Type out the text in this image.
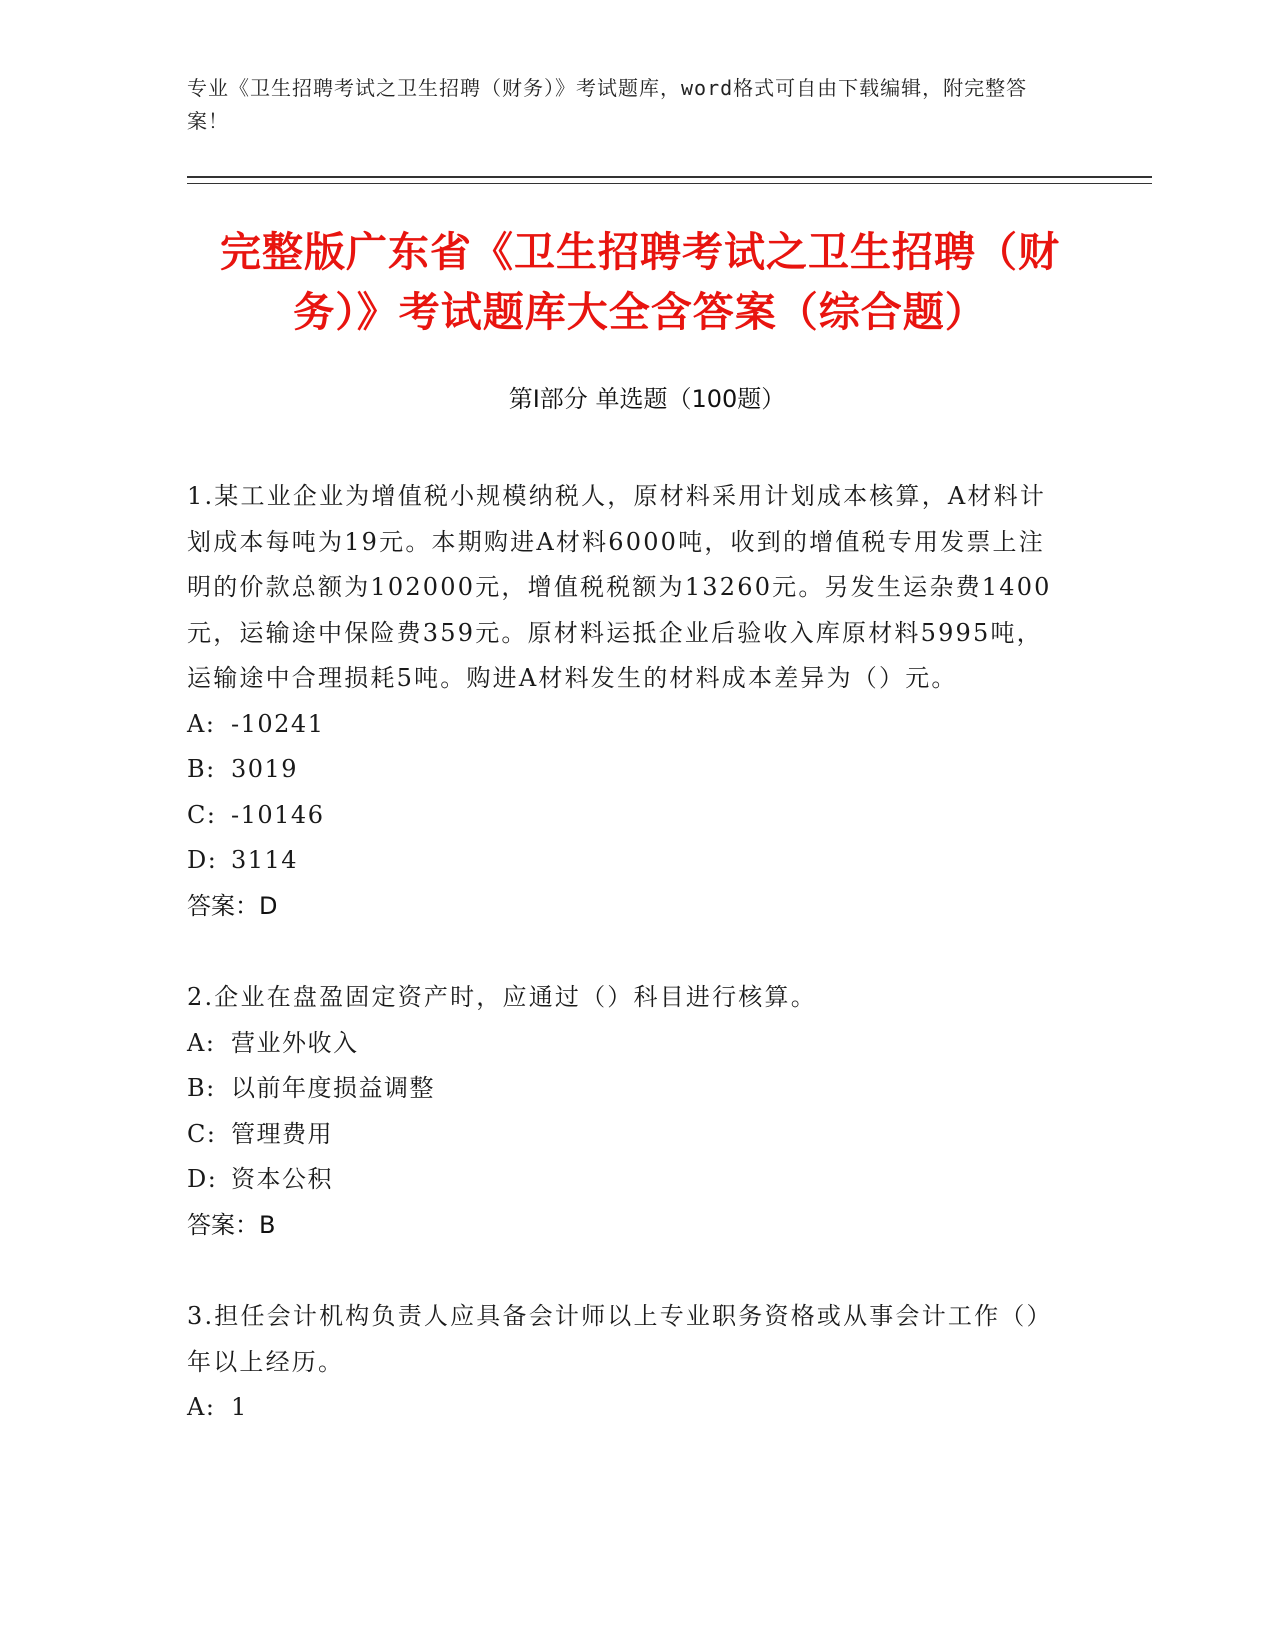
专业《卫生招聘考试之卫生招聘（财务）》考试题库，word格式可自由下载编辑，附完整答案！
完整版广东省《卫生招聘考试之卫生招聘（财务）》考试题库大全含答案（综合题）
第I部分 单选题（100题）

1.某工业企业为增值税小规模纳税人，原材料采用计划成本核算，A材料计划成本每吨为19元。本期购进A材料6000吨，收到的增值税专用发票上注明的价款总额为102000元，增值税税额为13260元。另发生运杂费1400元，运输途中保险费359元。原材料运抵企业后验收入库原材料5995吨，运输途中合理损耗5吨。购进A材料发生的材料成本差异为（）元。

A: -10241

B: 3019

C: -10146

D: 3114

答案：D

2.企业在盘盈固定资产时，应通过（）科目进行核算。

A: 营业外收入

B: 以前年度损益调整

C: 管理费用

D: 资本公积

答案：B

3.担任会计机构负责人应具备会计师以上专业职务资格或从事会计工作（）年以上经历。

A: 1
